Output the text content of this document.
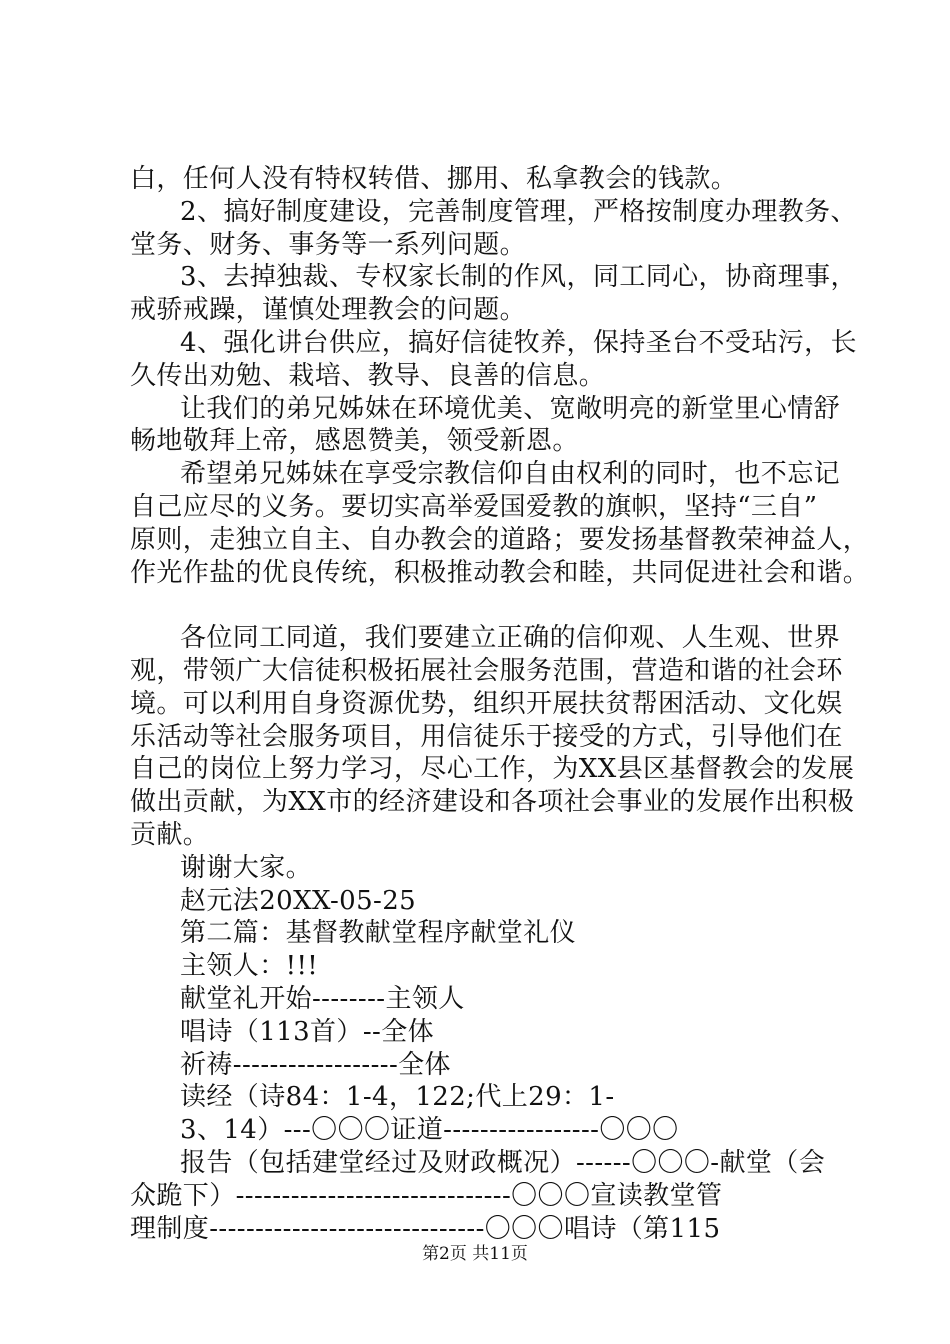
白，任何人没有特权转借、挪用、私拿教会的钱款。
2、搞好制度建设，完善制度管理，严格按制度办理教务、
堂务、财务、事务等一系列问题。
3、去掉独裁、专权家长制的作风，同工同心，协商理事，
戒骄戒躁，谨慎处理教会的问题。
4、强化讲台供应，搞好信徒牧养，保持圣台不受玷污，长
久传出劝勉、栽培、教导、良善的信息。
让我们的弟兄姊妹在环境优美、宽敞明亮的新堂里心情舒
畅地敬拜上帝，感恩赞美，领受新恩。
希望弟兄姊妹在享受宗教信仰自由权利的同时，也不忘记
自己应尽的义务。要切实高举爱国爱教的旗帜，坚持“三自”
原则，走独立自主、自办教会的道路；要发扬基督教荣神益人，
作光作盐的优良传统，积极推动教会和睦，共同促进社会和谐。
各位同工同道，我们要建立正确的信仰观、人生观、世界
观，带领广大信徒积极拓展社会服务范围，营造和谐的社会环
境。可以利用自身资源优势，组织开展扶贫帮困活动、文化娱
乐活动等社会服务项目，用信徒乐于接受的方式，引导他们在
自己的岗位上努力学习，尽心工作，为XX县区基督教会的发展
做出贡献，为XX市的经济建设和各项社会事业的发展作出积极
贡献。
谢谢大家。
赵元法20XX-05-25
第二篇：基督教献堂程序献堂礼仪
主领人：!!!
献堂礼开始--------主领人
唱诗（113首）--全体
祈祷------------------全体
读经（诗84：1-4，122;代上29：1-
3、14）---〇〇〇证道-----------------〇〇〇
报告（包括建堂经过及财政概况）------〇〇〇-献堂（会
众跪下）------------------------------〇〇〇宣读教堂管
理制度------------------------------〇〇〇唱诗（第115
第2页 共11页
